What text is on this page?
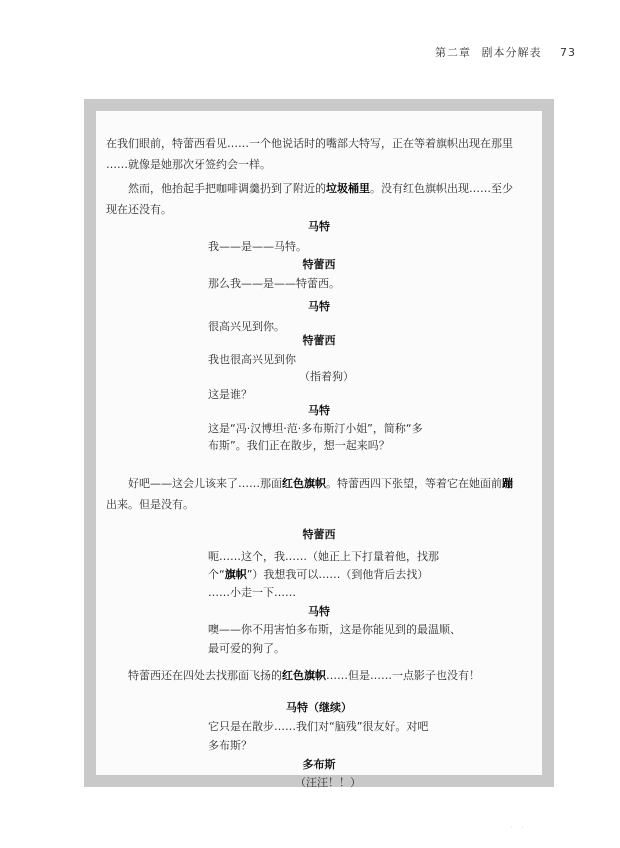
第二章 剧本分解表 73
在我们眼前，特蕾西看见……一个他说话时的嘴部大特写，正在等着旗帜出现在那里
……就像是她那次牙签约会一样。
然而，他抬起手把咖啡调羹扔到了附近的垃圾桶里。没有红色旗帜出现……至少
现在还没有。
马特
我——是——马特。
特蕾西
那么我——是——特蕾西。
马特
很高兴见到你。
特蕾西
我也很高兴见到你
（指着狗）
这是谁？
马特
这是“冯·汉博坦·范·多布斯汀小姐”，简称“多
布斯”。我们正在散步，想一起来吗？
好吧——这会儿该来了……那面红色旗帜。特蕾西四下张望，等着它在她面前蹦
出来。但是没有。
特蕾西
呃……这个，我……（她正上下打量着他，找那
个“旗帜”）我想我可以……（到他背后去找）
……小走一下……
马特
噢——你不用害怕多布斯，这是你能见到的最温顺、
最可爱的狗了。
特蕾西还在四处去找那面飞扬的红色旗帜……但是……一点影子也没有！
马特（继续）
它只是在散步……我们对“脑残”很友好。对吧
多布斯？
多布斯
（汪汪！！）
· ·
